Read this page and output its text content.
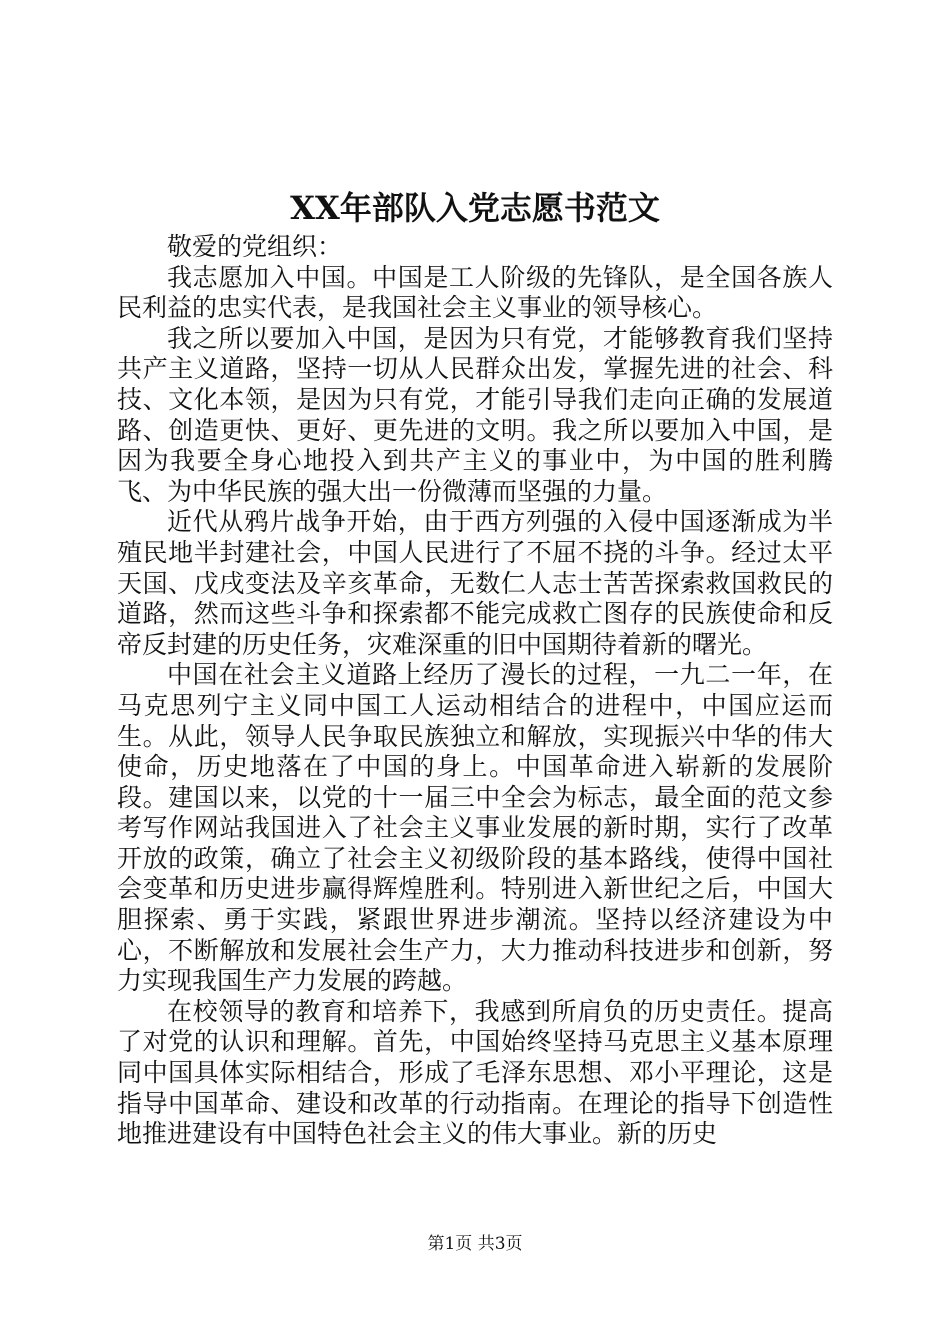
XX年部队入党志愿书范文

敬爱的党组织：

我志愿加入中国。中国是工人阶级的先锋队，是全国各族人民利益的忠实代表，是我国社会主义事业的领导核心。

我之所以要加入中国，是因为只有党，才能够教育我们坚持共产主义道路，坚持一切从人民群众出发，掌握先进的社会、科技、文化本领，是因为只有党，才能引导我们走向正确的发展道路、创造更快、更好、更先进的文明。我之所以要加入中国，是因为我要全身心地投入到共产主义的事业中，为中国的胜利腾飞、为中华民族的强大出一份微薄而坚强的力量。

近代从鸦片战争开始，由于西方列强的入侵中国逐渐成为半殖民地半封建社会，中国人民进行了不屈不挠的斗争。经过太平天国、戊戌变法及辛亥革命，无数仁人志士苦苦探索救国救民的道路，然而这些斗争和探索都不能完成救亡图存的民族使命和反帝反封建的历史任务，灾难深重的旧中国期待着新的曙光。

中国在社会主义道路上经历了漫长的过程，一九二一年，在马克思列宁主义同中国工人运动相结合的进程中，中国应运而生。从此，领导人民争取民族独立和解放，实现振兴中华的伟大使命，历史地落在了中国的身上。中国革命进入崭新的发展阶段。建国以来，以党的十一届三中全会为标志，最全面的范文参考写作网站我国进入了社会主义事业发展的新时期，实行了改革开放的政策，确立了社会主义初级阶段的基本路线，使得中国社会变革和历史进步赢得辉煌胜利。特别进入新世纪之后，中国大胆探索、勇于实践，紧跟世界进步潮流。坚持以经济建设为中心，不断解放和发展社会生产力，大力推动科技进步和创新，努力实现我国生产力发展的跨越。

在校领导的教育和培养下，我感到所肩负的历史责任。提高了对党的认识和理解。首先，中国始终坚持马克思主义基本原理同中国具体实际相结合，形成了毛泽东思想、邓小平理论，这是指导中国革命、建设和改革的行动指南。在理论的指导下创造性地推进建设有中国特色社会主义的伟大事业。新的历史

第1页 共3页
